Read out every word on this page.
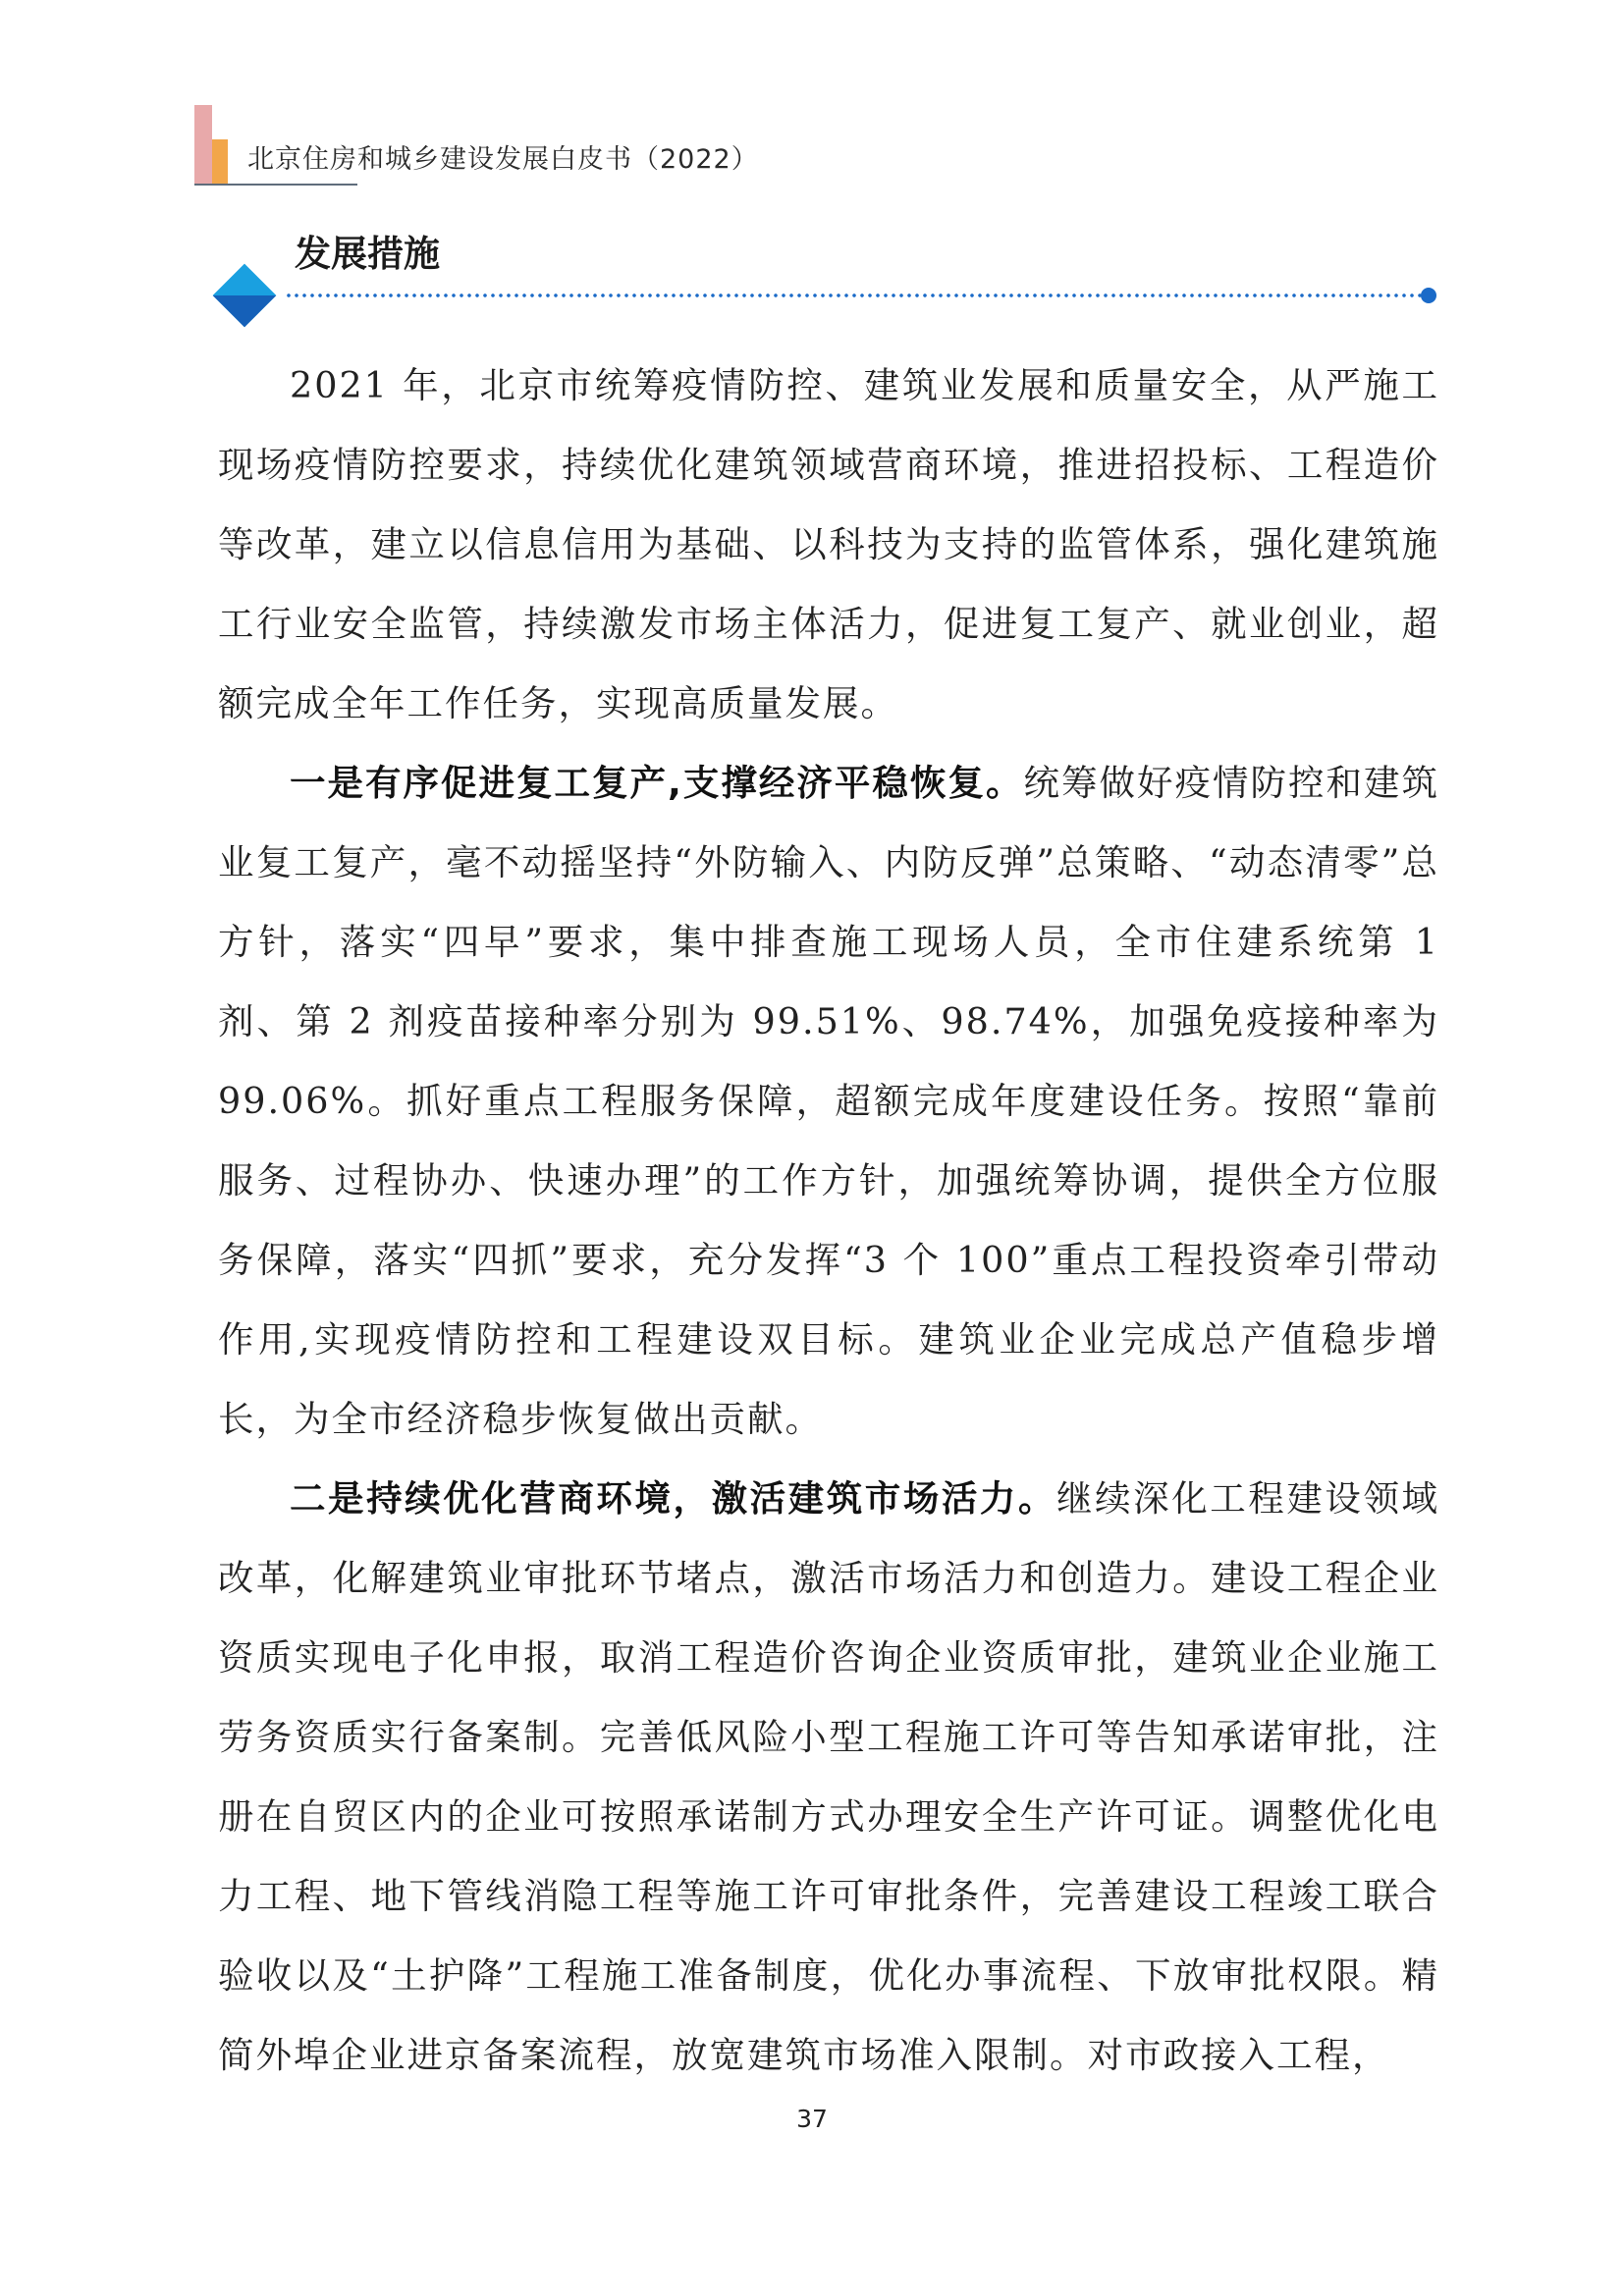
北京住房和城乡建设发展白皮书（2022）
发展措施

2021 年，北京市统筹疫情防控、建筑业发展和质量安全，从严施工现场疫情防控要求，持续优化建筑领域营商环境，推进招投标、工程造价等改革，建立以信息信用为基础、以科技为支持的监管体系，强化建筑施工行业安全监管，持续激发市场主体活力，促进复工复产、就业创业，超额完成全年工作任务，实现高质量发展。

一是有序促进复工复产,支撑经济平稳恢复。统筹做好疫情防控和建筑业复工复产，毫不动摇坚持“外防输入、内防反弹”总策略、“动态清零”总方针，落实“四早”要求，集中排查施工现场人员，全市住建系统第 1 剂、第 2 剂疫苗接种率分别为 99.51%、98.74%，加强免疫接种率为 99.06%。抓好重点工程服务保障，超额完成年度建设任务。按照“靠前服务、过程协办、快速办理”的工作方针，加强统筹协调，提供全方位服务保障，落实“四抓”要求，充分发挥“3 个 100”重点工程投资牵引带动作用,实现疫情防控和工程建设双目标。建筑业企业完成总产值稳步增长，为全市经济稳步恢复做出贡献。

二是持续优化营商环境，激活建筑市场活力。继续深化工程建设领域改革，化解建筑业审批环节堵点，激活市场活力和创造力。建设工程企业资质实现电子化申报，取消工程造价咨询企业资质审批，建筑业企业施工劳务资质实行备案制。完善低风险小型工程施工许可等告知承诺审批，注册在自贸区内的企业可按照承诺制方式办理安全生产许可证。调整优化电力工程、地下管线消隐工程等施工许可审批条件，完善建设工程竣工联合验收以及“土护降”工程施工准备制度，优化办事流程、下放审批权限。精简外埠企业进京备案流程，放宽建筑市场准入限制。对市政接入工程，

37
